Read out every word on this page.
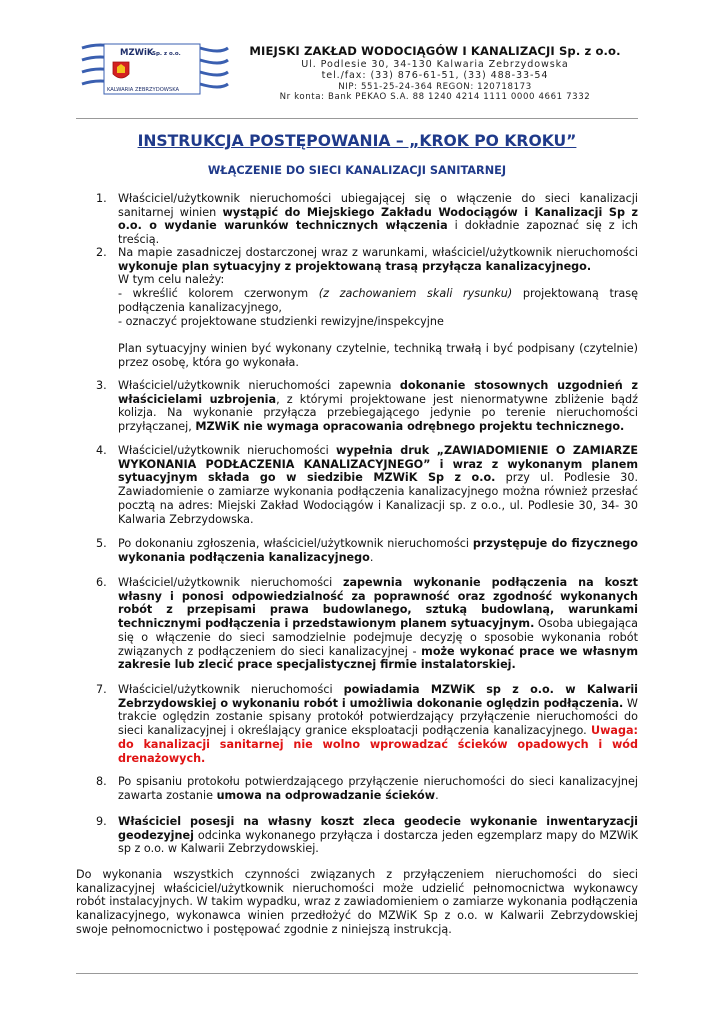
MZWiK
Sp. z o.o.
KALWARIA ZEBRZYDOWSKA
MIEJSKI ZAKŁAD WODOCIĄGÓW I KANALIZACJI Sp. z o.o.
Ul. Podlesie 30, 34-130 Kalwaria Zebrzydowska
tel./fax: (33) 876-61-51, (33) 488-33-54
NIP: 551-25-24-364 REGON: 120718173
Nr konta: Bank PEKAO S.A. 88 1240 4214 1111 0000 4661 7332
INSTRUKCJA POSTĘPOWANIA – „KROK PO KROKU”
WŁĄCZENIE DO SIECI KANALIZACJI SANITARNEJ
1. Właściciel/użytkownik nieruchomości ubiegającej się o włączenie do sieci kanalizacji sanitarnej winien wystąpić do Miejskiego Zakładu Wodociągów i Kanalizacji Sp z o.o. o wydanie warunków technicznych włączenia i dokładnie zapoznać się z ich treścią.

2. Na mapie zasadniczej dostarczonej wraz z warunkami, właściciel/użytkownik nieruchomości wykonuje plan sytuacyjny z projektowaną trasą przyłącza kanalizacyjnego.
W tym celu należy:
- wkreślić kolorem czerwonym (z zachowaniem skali rysunku) projektowaną trasę podłączenia kanalizacyjnego,
- oznaczyć projektowane studzienki rewizyjne/inspekcyjne
Plan sytuacyjny winien być wykonany czytelnie, techniką trwałą i być podpisany (czytelnie) przez osobę, która go wykonała.
3. Właściciel/użytkownik nieruchomości zapewnia dokonanie stosownych uzgodnień z właścicielami uzbrojenia, z którymi projektowane jest nienormatywne zbliżenie bądź kolizja. Na wykonanie przyłącza przebiegającego jedynie po terenie nieruchomości przyłączanej, MZWiK nie wymaga opracowania odrębnego projektu technicznego.

4. Właściciel/użytkownik nieruchomości wypełnia druk „ZAWIADOMIENIE O ZAMIARZE WYKONANIA PODŁACZENIA KANALIZACYJNEGO” i wraz z wykonanym planem sytuacyjnym składa go w siedzibie MZWiK Sp z o.o. przy ul. Podlesie 30. Zawiadomienie o zamiarze wykonania podłączenia kanalizacyjnego można również przesłać pocztą na adres: Miejski Zakład Wodociągów i Kanalizacji sp. z o.o., ul. Podlesie 30, 34- 30 Kalwaria Zebrzydowska.

5. Po dokonaniu zgłoszenia, właściciel/użytkownik nieruchomości przystępuje do fizycznego wykonania podłączenia kanalizacyjnego.

6. Właściciel/użytkownik nieruchomości zapewnia wykonanie podłączenia na koszt własny i ponosi odpowiedzialność za poprawność oraz zgodność wykonanych robót z przepisami prawa budowlanego, sztuką budowlaną, warunkami technicznymi podłączenia i przedstawionym planem sytuacyjnym. Osoba ubiegająca się o włączenie do sieci samodzielnie podejmuje decyzję o sposobie wykonania robót związanych z podłączeniem do sieci kanalizacyjnej - może wykonać prace we własnym zakresie lub zlecić prace specjalistycznej firmie instalatorskiej.

7. Właściciel/użytkownik nieruchomości powiadamia MZWiK sp z o.o. w Kalwarii Zebrzydowskiej o wykonaniu robót i umożliwia dokonanie oględzin podłączenia. W trakcie oględzin zostanie spisany protokół potwierdzający przyłączenie nieruchomości do sieci kanalizacyjnej i określający granice eksploatacji podłączenia kanalizacyjnego. Uwaga: do kanalizacji sanitarnej nie wolno wprowadzać ścieków opadowych i wód drenażowych.

8. Po spisaniu protokołu potwierdzającego przyłączenie nieruchomości do sieci kanalizacyjnej zawarta zostanie umowa na odprowadzanie ścieków.

9. Właściciel posesji na własny koszt zleca geodecie wykonanie inwentaryzacji geodezyjnej odcinka wykonanego przyłącza i dostarcza jeden egzemplarz mapy do MZWiK sp z o.o. w Kalwarii Zebrzydowskiej.

Do wykonania wszystkich czynności związanych z przyłączeniem nieruchomości do sieci kanalizacyjnej właściciel/użytkownik nieruchomości może udzielić pełnomocnictwa wykonawcy robót instalacyjnych. W takim wypadku, wraz z zawiadomieniem o zamiarze wykonania podłączenia kanalizacyjnego, wykonawca winien przedłożyć do MZWiK Sp z o.o. w Kalwarii Zebrzydowskiej swoje pełnomocnictwo i postępować zgodnie z niniejszą instrukcją.
